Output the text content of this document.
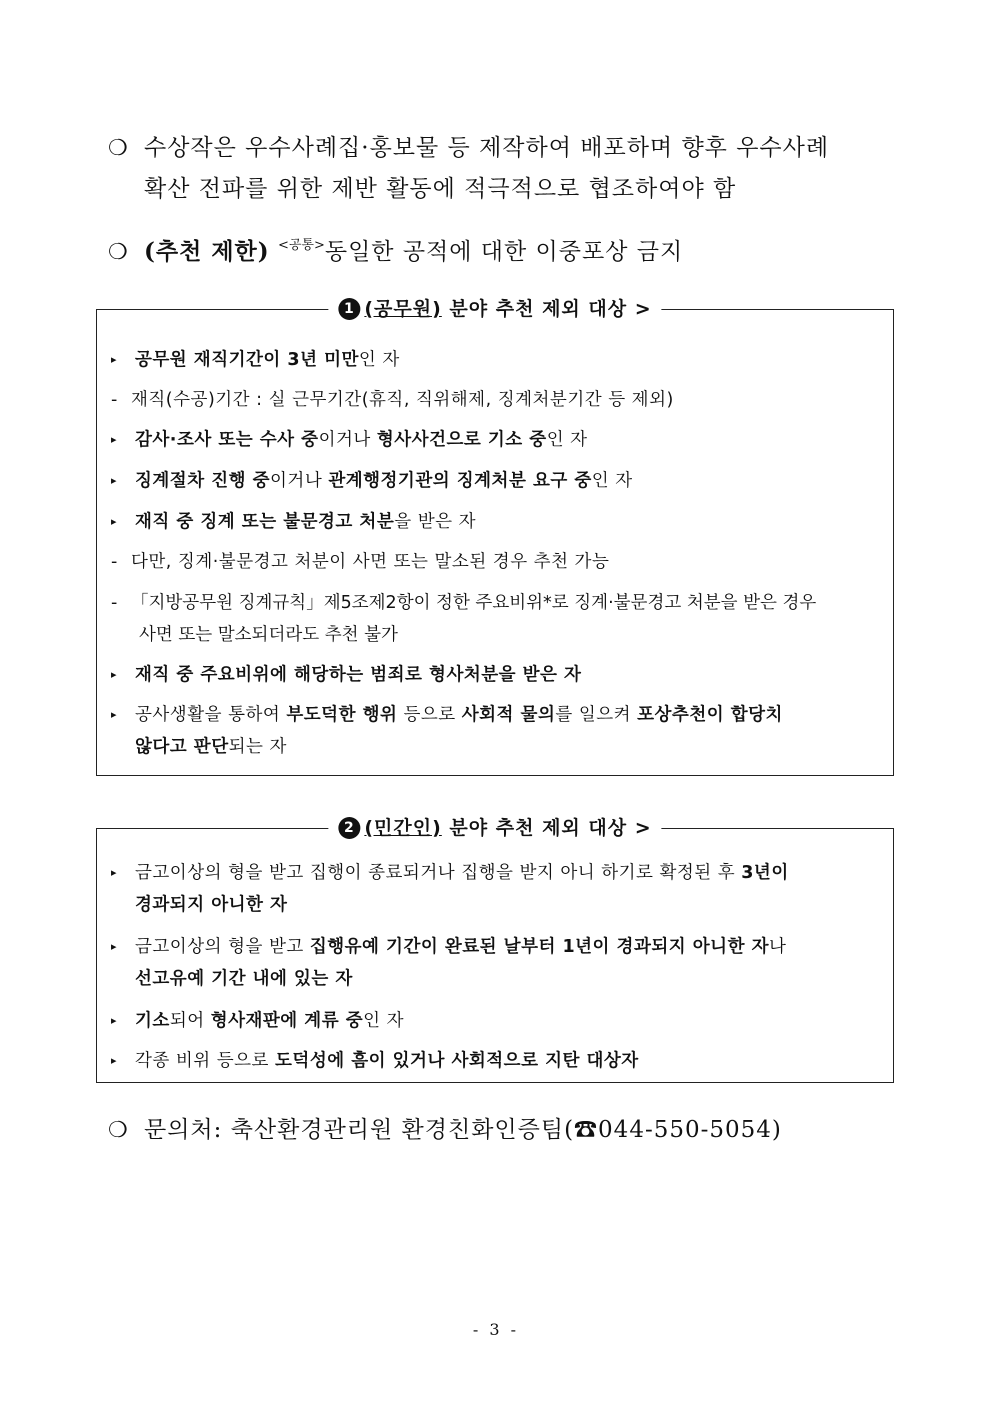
❍ 수상작은 우수사례집·홍보물 등 제작하여 배포하며 향후 우수사례
확산 전파를 위한 제반 활동에 적극적으로 협조하여야 함
❍ (추천 제한) $^{<공통>}$동일한 공적에 대한 이중포상 금지
1 (공무원) 분야 추천 제외 대상 >
▸ 공무원 재직기간이 3년 미만인 자
- 재직(수공)기간 : 실 근무기간(휴직, 직위해제, 징계처분기간 등 제외)
▸ 감사·조사 또는 수사 중이거나 형사사건으로 기소 중인 자
▸ 징계절차 진행 중이거나 관계행정기관의 징계처분 요구 중인 자
▸ 재직 중 징계 또는 불문경고 처분을 받은 자
- 다만, 징계·불문경고 처분이 사면 또는 말소된 경우 추천 가능
- 「지방공무원 징계규칙」제5조제2항이 정한 주요비위*로 징계·불문경고 처분을 받은 경우
사면 또는 말소되더라도 추천 불가
▸ 재직 중 주요비위에 해당하는 범죄로 형사처분을 받은 자
▸ 공사생활을 통하여 부도덕한 행위 등으로 사회적 물의를 일으켜 포상추천이 합당치
않다고 판단되는 자
2 (민간인) 분야 추천 제외 대상 >
▸ 금고이상의 형을 받고 집행이 종료되거나 집행을 받지 아니 하기로 확정된 후 3년이
경과되지 아니한 자
▸ 금고이상의 형을 받고 집행유예 기간이 완료된 날부터 1년이 경과되지 아니한 자나
선고유예 기간 내에 있는 자
▸ 기소되어 형사재판에 계류 중인 자
▸ 각종 비위 등으로 도덕성에 흠이 있거나 사회적으로 지탄 대상자
❍ 문의처: 축산환경관리원 환경친화인증팀(☎044-550-5054)
- 3 -
